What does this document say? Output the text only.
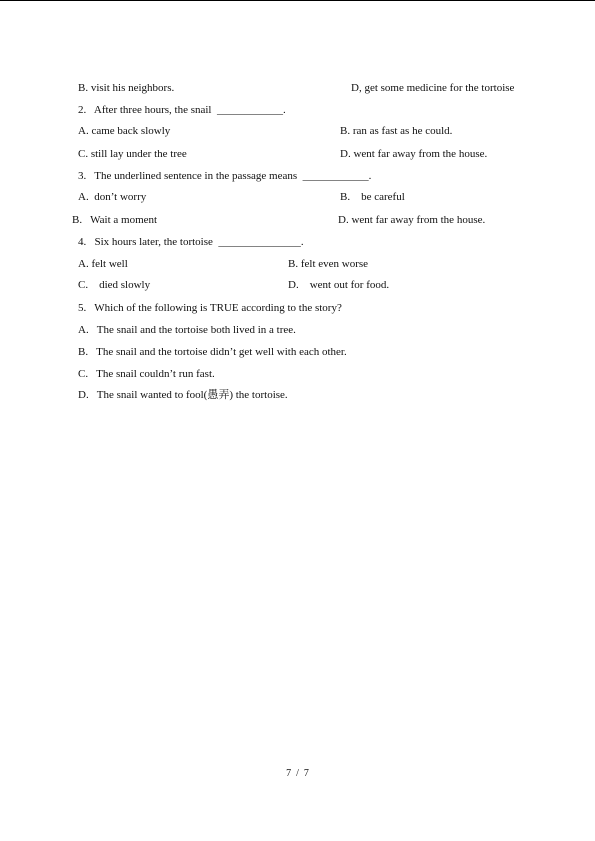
B. visit his neighbors.	D, get some medicine for the tortoise
2.   After three hours, the snail  ____________.
A. came back slowly	B. ran as fast as he could.
C. still lay under the tree	D. went far away from the house.
3.   The underlined sentence in the passage means  ____________.
A.  don’t worry	B.    be careful
B.   Wait a moment	D. went far away from the house.
4.   Six hours later, the tortoise  _______________.
A. felt well	B. felt even worse
C.    died slowly	D.    went out for food.
5.   Which of the following is TRUE according to the story?
A.   The snail and the tortoise both lived in a tree.
B.   The snail and the tortoise didn’t get well with each other.
C.   The snail couldn’t run fast.
D.   The snail wanted to fool(愚弄) the tortoise.
7  /  7
